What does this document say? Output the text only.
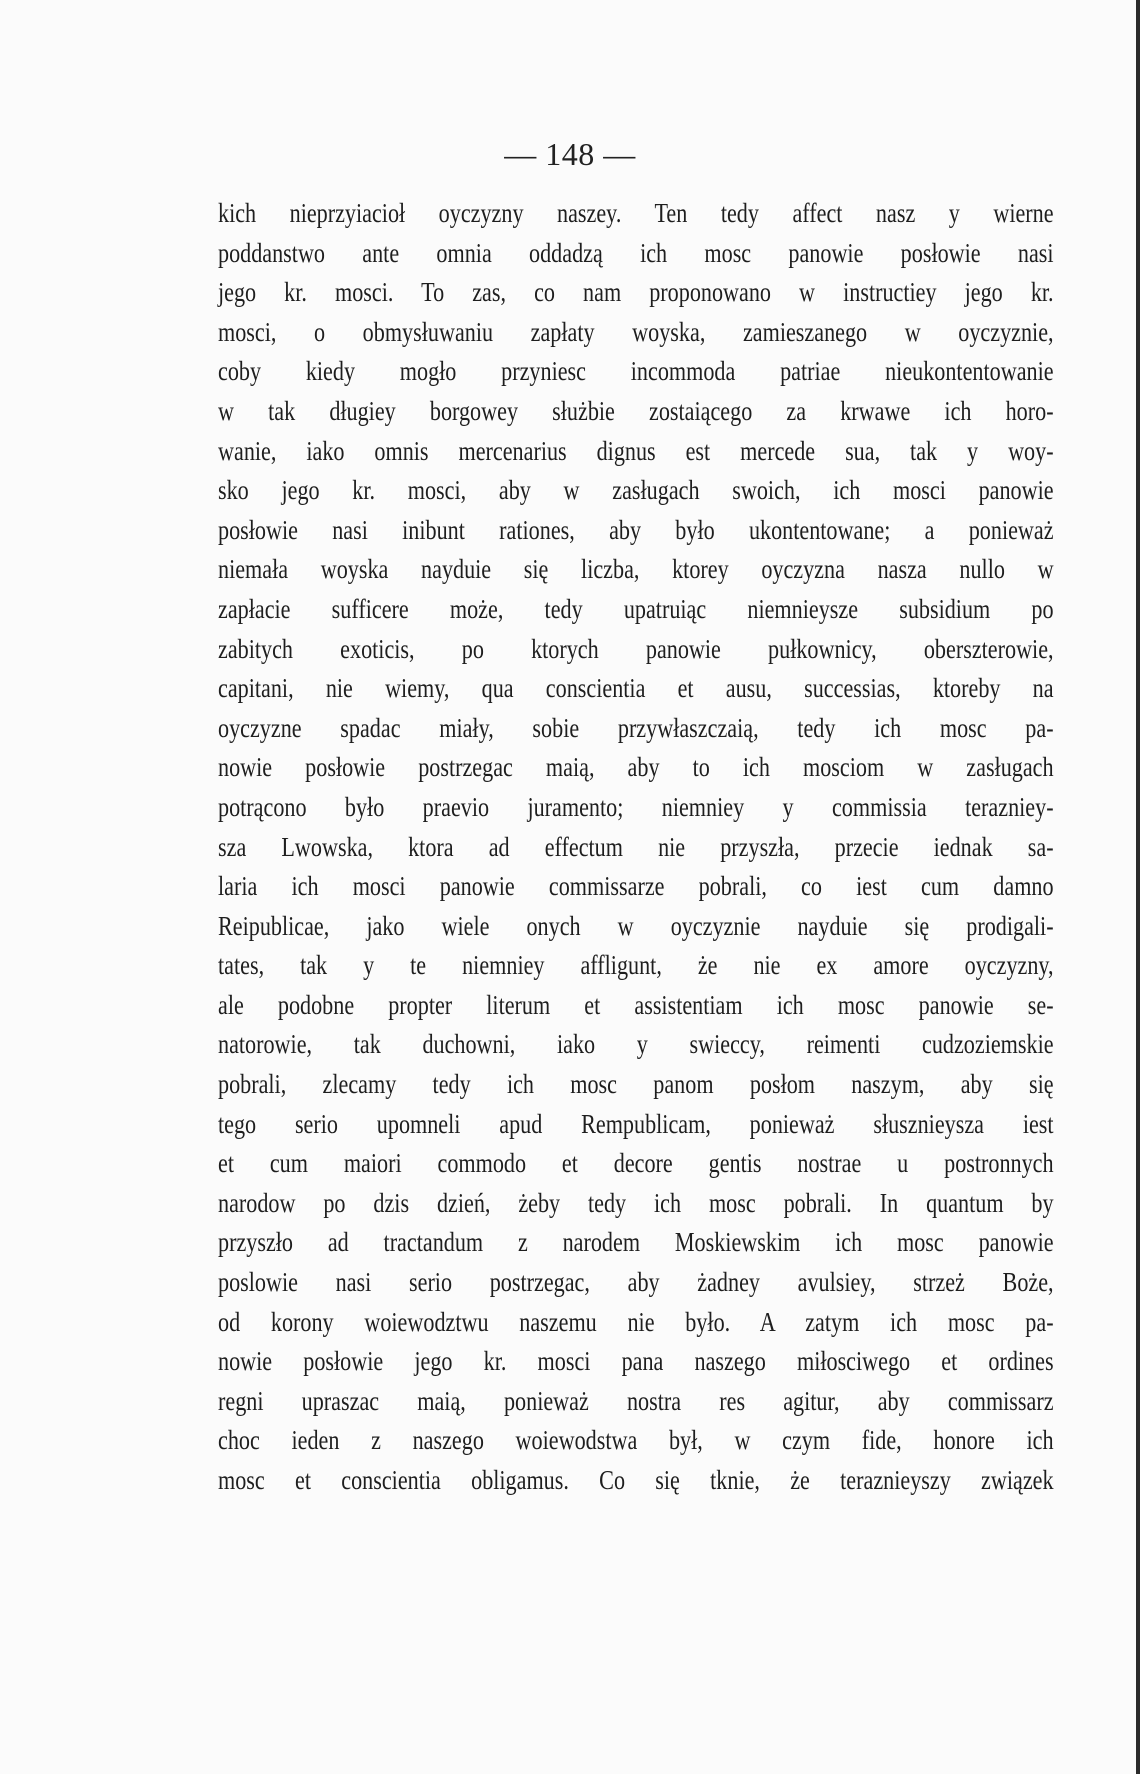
— 148 —
kich nieprzyiacioł oyczyzny naszey. Ten tedy affect nasz y wierne
poddanstwo ante omnia oddadzą ich mosc panowie posłowie nasi
jego kr. mosci. To zas, co nam proponowano w instructiey jego kr.
mosci, o obmysłuwaniu zapłaty woyska, zamieszanego w oyczyznie,
coby kiedy mogło przyniesc incommoda patriae nieukontentowanie
w tak długiey borgowey służbie zostaiącego za krwawe ich horo-
wanie, iako omnis mercenarius dignus est mercede sua, tak y woy-
sko jego kr. mosci, aby w zasługach swoich, ich mosci panowie
posłowie nasi inibunt rationes, aby było ukontentowane; a ponieważ
niemała woyska nayduie się liczba, ktorey oyczyzna nasza nullo w
zapłacie sufficere może, tedy upatruiąc niemnieysze subsidium po
zabitych exoticis, po ktorych panowie pułkownicy, oberszterowie,
capitani, nie wiemy, qua conscientia et ausu, successias, ktoreby na
oyczyzne spadac miały, sobie przywłaszczaią, tedy ich mosc pa-
nowie posłowie postrzegac maią, aby to ich mosciom w zasługach
potrącono było praevio juramento; niemniey y commissia terazniey-
sza Lwowska, ktora ad effectum nie przyszła, przecie iednak sa-
laria ich mosci panowie commissarze pobrali, co iest cum damno
Reipublicae, jako wiele onych w oyczyznie nayduie się prodigali-
tates, tak y te niemniey affligunt, że nie ex amore oyczyzny,
ale podobne propter literum et assistentiam ich mosc panowie se-
natorowie, tak duchowni, iako y swieccy, reimenti cudzoziemskie
pobrali, zlecamy tedy ich mosc panom posłom naszym, aby się
tego serio upomneli apud Rempublicam, ponieważ słusznieysza iest
et cum maiori commodo et decore gentis nostrae u postronnych
narodow po dzis dzień, żeby tedy ich mosc pobrali. In quantum by
przyszło ad tractandum z narodem Moskiewskim ich mosc panowie
poslowie nasi serio postrzegac, aby żadney avulsiey, strzeż Boże,
od korony woiewodztwu naszemu nie było. A zatym ich mosc pa-
nowie posłowie jego kr. mosci pana naszego miłosciwego et ordines
regni upraszac maią, ponieważ nostra res agitur, aby commissarz
choc ieden z naszego woiewodstwa był, w czym fide, honore ich
mosc et conscientia obligamus. Co się tknie, że teraznieyszy związek
